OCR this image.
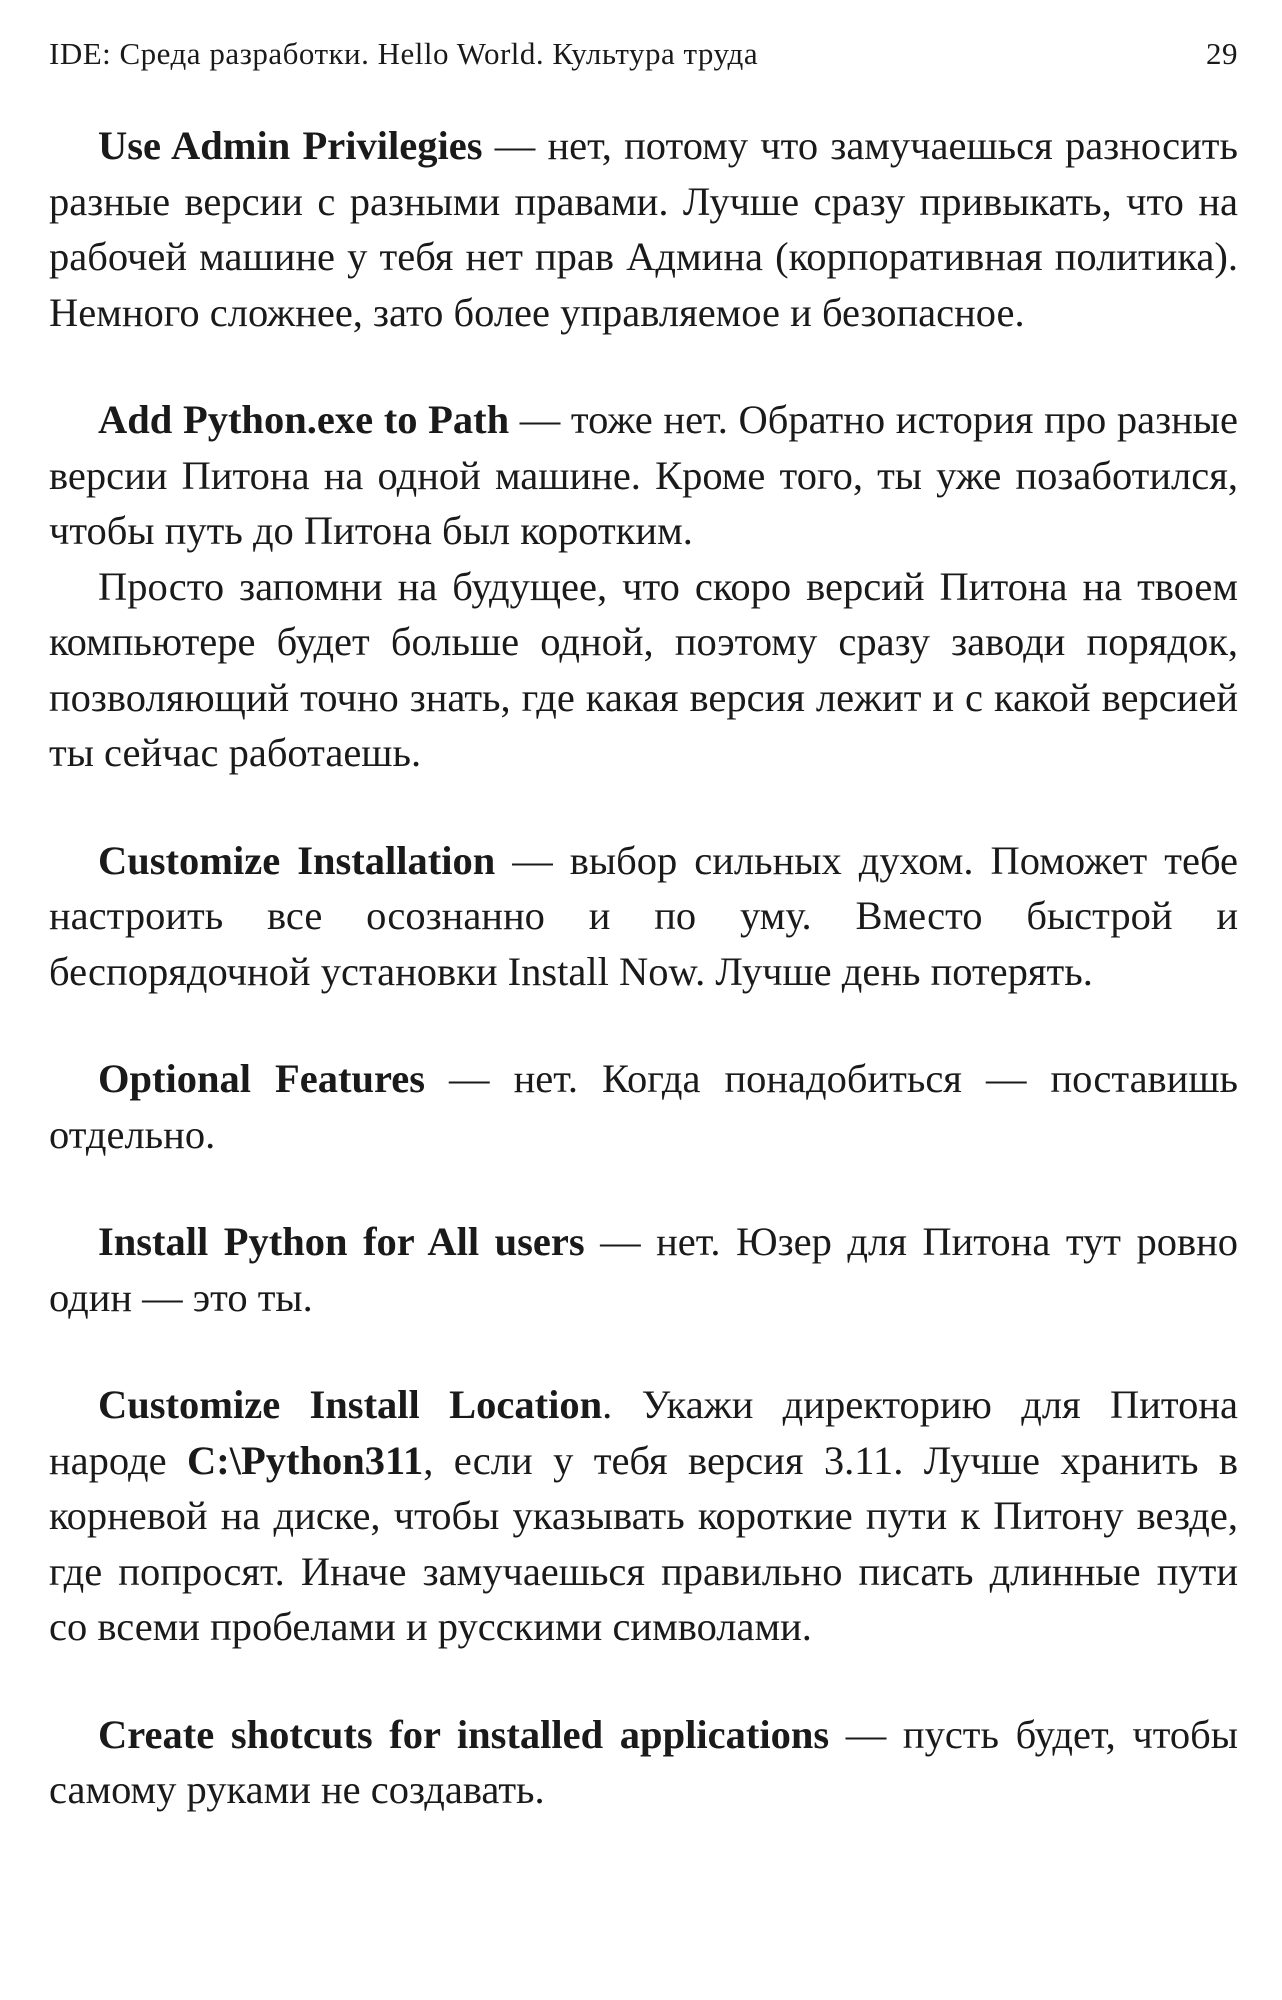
IDE: Среда разработки. Hello World. Культура труда	29

Use Admin Privilegies — нет, потому что замучаешься разносить разные версии с разными правами. Лучше сразу привыкать, что на рабочей машине у тебя нет прав Админа (корпоративная политика). Немного сложнее, зато более управляемое и безопасное.

Add Python.exe to Path — тоже нет. Обратно история про разные версии Питона на одной машине. Кроме того, ты уже позаботился, чтобы путь до Питона был коротким.

Просто запомни на будущее, что скоро версий Питона на твоем компьютере будет больше одной, поэтому сразу заводи порядок, позволяющий точно знать, где какая версия лежит и с какой версией ты сейчас работаешь.

Customize Installation — выбор сильных духом. Поможет тебе настроить все осознанно и по уму. Вместо быстрой и беспорядочной установки Install Now. Лучше день потерять.

Optional Features — нет. Когда понадобиться — поставишь отдельно.

Install Python for All users — нет. Юзер для Питона тут ровно один — это ты.

Customize Install Location. Укажи директорию для Питона народе C:\Python311, если у тебя версия 3.11. Лучше хранить в корневой на диске, чтобы указывать короткие пути к Питону везде, где попросят. Иначе замучаешься правильно писать длинные пути со всеми пробелами и русскими символами.

Create shotcuts for installed applications — пусть будет, чтобы самому руками не создавать.
